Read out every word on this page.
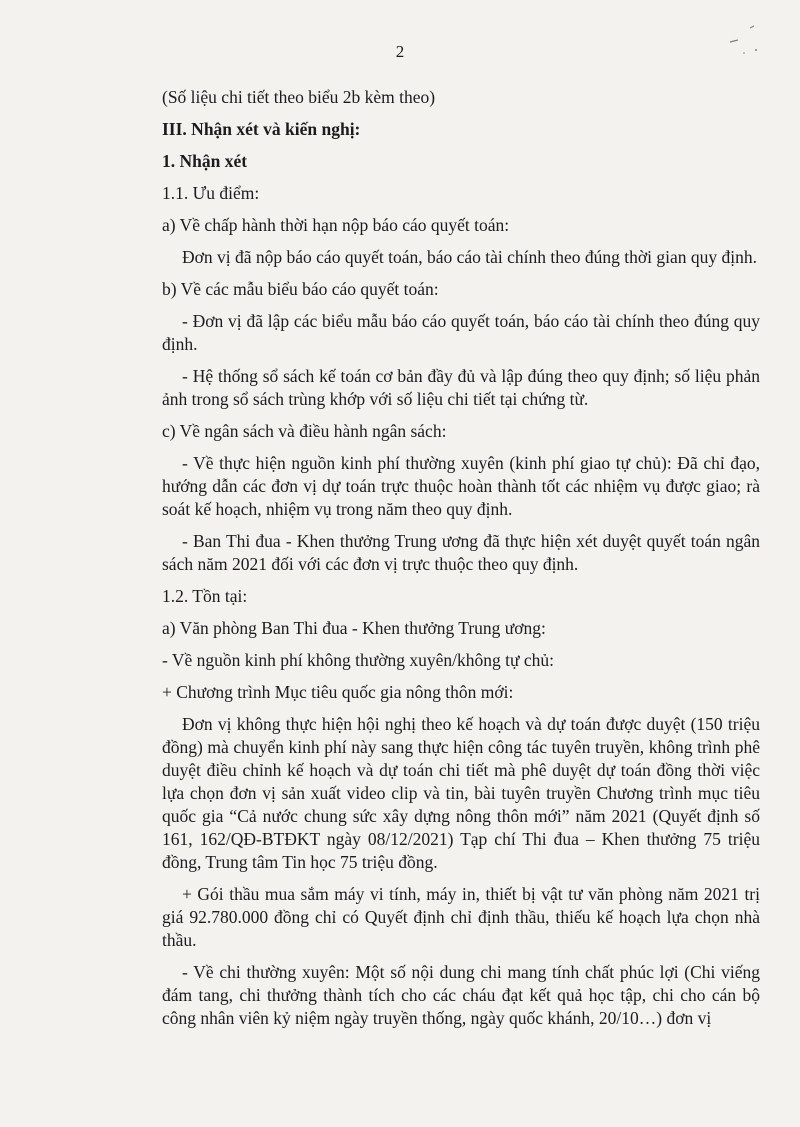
2

(Số liệu chi tiết theo biểu 2b kèm theo)

III. Nhận xét và kiến nghị:

1. Nhận xét

1.1. Ưu điểm:

a) Về chấp hành thời hạn nộp báo cáo quyết toán:

Đơn vị đã nộp báo cáo quyết toán, báo cáo tài chính theo đúng thời gian quy định.

b) Về các mẫu biểu báo cáo quyết toán:

- Đơn vị đã lập các biểu mẫu báo cáo quyết toán, báo cáo tài chính theo đúng quy định.

- Hệ thống sổ sách kế toán cơ bản đầy đủ và lập đúng theo quy định; số liệu phản ảnh trong sổ sách trùng khớp với số liệu chi tiết tại chứng từ.

c) Về ngân sách và điều hành ngân sách:

- Về thực hiện nguồn kinh phí thường xuyên (kinh phí giao tự chủ): Đã chỉ đạo, hướng dẫn các đơn vị dự toán trực thuộc hoàn thành tốt các nhiệm vụ được giao; rà soát kế hoạch, nhiệm vụ trong năm theo quy định.

- Ban Thi đua - Khen thưởng Trung ương đã thực hiện xét duyệt quyết toán ngân sách năm 2021 đối với các đơn vị trực thuộc theo quy định.

1.2. Tồn tại:

a) Văn phòng Ban Thi đua - Khen thưởng Trung ương:

- Về nguồn kinh phí không thường xuyên/không tự chủ:

+ Chương trình Mục tiêu quốc gia nông thôn mới:

Đơn vị không thực hiện hội nghị theo kế hoạch và dự toán được duyệt (150 triệu đồng) mà chuyển kinh phí này sang thực hiện công tác tuyên truyền, không trình phê duyệt điều chỉnh kế hoạch và dự toán chi tiết mà phê duyệt dự toán đồng thời việc lựa chọn đơn vị sản xuất video clip và tin, bài tuyên truyền Chương trình mục tiêu quốc gia “Cả nước chung sức xây dựng nông thôn mới” năm 2021 (Quyết định số 161, 162/QĐ-BTĐKT ngày 08/12/2021) Tạp chí Thi đua – Khen thưởng 75 triệu đồng, Trung tâm Tin học 75 triệu đồng.

+ Gói thầu mua sắm máy vi tính, máy in, thiết bị vật tư văn phòng năm 2021 trị giá 92.780.000 đồng chỉ có Quyết định chỉ định thầu, thiếu kế hoạch lựa chọn nhà thầu.

- Về chi thường xuyên: Một số nội dung chi mang tính chất phúc lợi (Chi viếng đám tang, chi thưởng thành tích cho các cháu đạt kết quả học tập, chi cho cán bộ công nhân viên kỷ niệm ngày truyền thống, ngày quốc khánh, 20/10…) đơn vị
